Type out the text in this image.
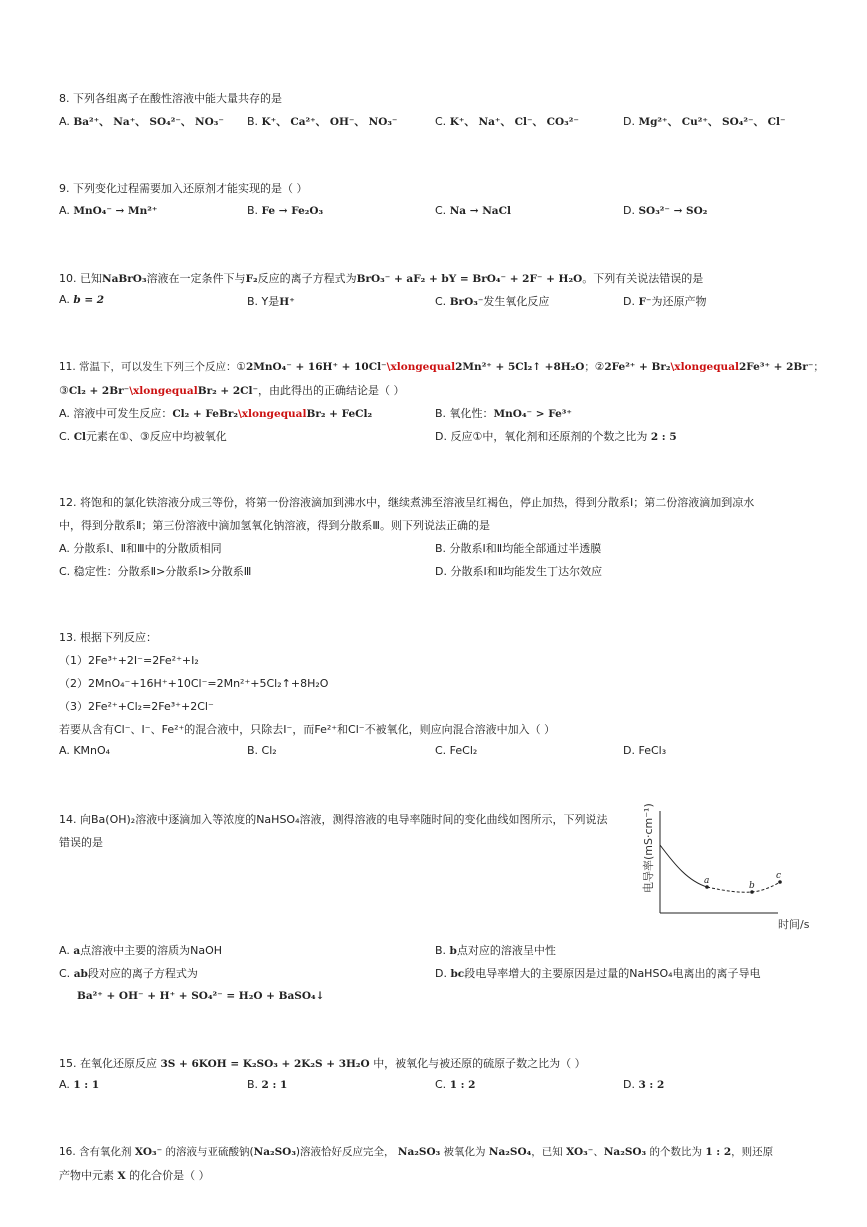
8. 下列各组离子在酸性溶液中能大量共存的是
A. Ba²⁺、 Na⁺、 SO₄²⁻、 NO₃⁻ B. K⁺、 Ca²⁺、 OH⁻、 NO₃⁻	C. K⁺、 Na⁺、 Cl⁻、 CO₃²⁻	D. Mg²⁺、 Cu²⁺、 SO₄²⁻、 Cl⁻
9. 下列变化过程需要加入还原剂才能实现的是（ ）
A. MnO₄⁻ → Mn²⁺	B. Fe → Fe₂O₃	C. Na → NaCl	D. SO₃²⁻ → SO₂
10. 已知NaBrO₃溶液在一定条件下与F₂反应的离子方程式为BrO₃⁻ + aF₂ + bY = BrO₄⁻ + 2F⁻ + H₂O。下列有关说法错误的是
A. b = 2	B. Y是H⁺	C. BrO₃⁻发生氧化反应	D. F⁻为还原产物
11. 常温下，可以发生下列三个反应：①2MnO₄⁻ + 16H⁺ + 10Cl⁻\xlongequal2Mn²⁺ + 5Cl₂↑ +8H₂O；②2Fe²⁺ + Br₂\xlongequal2Fe³⁺ + 2Br⁻；
③Cl₂ + 2Br⁻\xlongequalBr₂ + 2Cl⁻，由此得出的正确结论是（ ）
A. 溶液中可发生反应：Cl₂ + FeBr₂\xlongequalBr₂ + FeCl₂	B. 氧化性：MnO₄⁻ > Fe³⁺
C. Cl元素在①、③反应中均被氧化	D. 反应①中，氧化剂和还原剂的个数之比为 2 : 5
12. 将饱和的氯化铁溶液分成三等份，将第一份溶液滴加到沸水中，继续煮沸至溶液呈红褐色，停止加热，得到分散系Ⅰ；第二份溶液滴加到凉水
中，得到分散系Ⅱ；第三份溶液中滴加氢氧化钠溶液，得到分散系Ⅲ。则下列说法正确的是
A. 分散系Ⅰ、Ⅱ和Ⅲ中的分散质相同	B. 分散系Ⅰ和Ⅱ均能全部通过半透膜
C. 稳定性：分散系Ⅱ>分散系Ⅰ>分散系Ⅲ	D. 分散系Ⅰ和Ⅱ均能发生丁达尔效应
13. 根据下列反应：
（1）2Fe³⁺+2I⁻=2Fe²⁺+I₂
（2）2MnO₄⁻+16H⁺+10Cl⁻=2Mn²⁺+5Cl₂↑+8H₂O
（3）2Fe²⁺+Cl₂=2Fe³⁺+2Cl⁻
若要从含有Cl⁻、I⁻、Fe²⁺的混合液中，只除去I⁻，而Fe²⁺和Cl⁻不被氧化，则应向混合溶液中加入（ ）
A. KMnO₄	B. Cl₂	C. FeCl₂	D. FeCl₃
14. 向Ba(OH)₂溶液中逐滴加入等浓度的NaHSO₄溶液，测得溶液的电导率随时间的变化曲线如图所示，下列说法
错误的是	电导率(mS·cm⁻¹)
时间/s
a	b
c
A. a点溶液中主要的溶质为NaOH	B. b点对应的溶液呈中性
C. ab段对应的离子方程式为
Ba²⁺ + OH⁻ + H⁺ + SO₄²⁻ = H₂O + BaSO₄↓
D. bc段电导率增大的主要原因是过量的NaHSO₄电离出的离子导电
15. 在氧化还原反应 3S + 6KOH = K₂SO₃ + 2K₂S + 3H₂O 中，被氧化与被还原的硫原子数之比为（ ）
A. 1 : 1	B. 2 : 1	C. 1 : 2	D. 3 : 2
16. 含有氧化剂 XO₃⁻ 的溶液与亚硫酸钠(Na₂SO₃)溶液恰好反应完全， Na₂SO₃ 被氧化为 Na₂SO₄，已知 XO₃⁻、Na₂SO₃ 的个数比为 1 : 2，则还原
产物中元素 X 的化合价是（ ）
